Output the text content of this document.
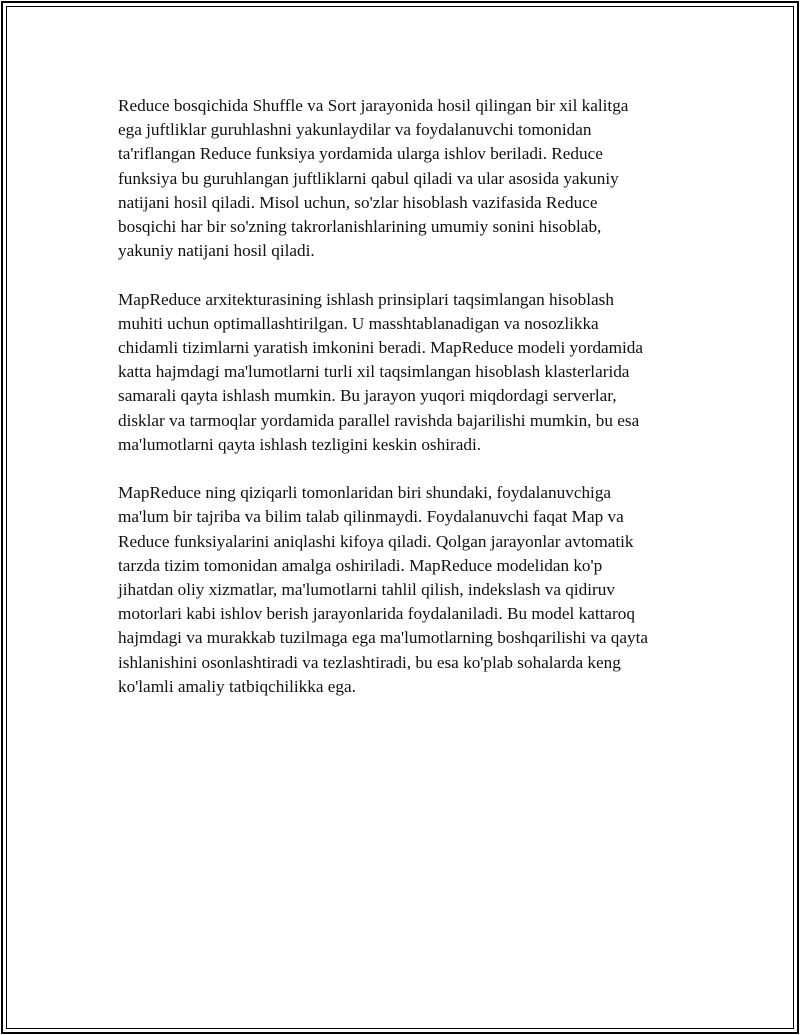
Reduce bosqichida Shuffle va Sort jarayonida hosil qilingan bir xil kalitga
ega juftliklar guruhlashni yakunlaydilar va foydalanuvchi tomonidan
ta'riflangan Reduce funksiya yordamida ularga ishlov beriladi. Reduce
funksiya bu guruhlangan juftliklarni qabul qiladi va ular asosida yakuniy
natijani hosil qiladi. Misol uchun, so'zlar hisoblash vazifasida Reduce
bosqichi har bir so'zning takrorlanishlarining umumiy sonini hisoblab,
yakuniy natijani hosil qiladi.

MapReduce arxitekturasining ishlash prinsiplari taqsimlangan hisoblash
muhiti uchun optimallashtirilgan. U masshtablanadigan va nosozlikka
chidamli tizimlarni yaratish imkonini beradi. MapReduce modeli yordamida
katta hajmdagi ma'lumotlarni turli xil taqsimlangan hisoblash klasterlarida
samarali qayta ishlash mumkin. Bu jarayon yuqori miqdordagi serverlar,
disklar va tarmoqlar yordamida parallel ravishda bajarilishi mumkin, bu esa
ma'lumotlarni qayta ishlash tezligini keskin oshiradi.

MapReduce ning qiziqarli tomonlaridan biri shundaki, foydalanuvchiga
ma'lum bir tajriba va bilim talab qilinmaydi. Foydalanuvchi faqat Map va
Reduce funksiyalarini aniqlashi kifoya qiladi. Qolgan jarayonlar avtomatik
tarzda tizim tomonidan amalga oshiriladi. MapReduce modelidan ko'p
jihatdan oliy xizmatlar, ma'lumotlarni tahlil qilish, indekslash va qidiruv
motorlari kabi ishlov berish jarayonlarida foydalaniladi. Bu model kattaroq
hajmdagi va murakkab tuzilmaga ega ma'lumotlarning boshqarilishi va qayta
ishlanishini osonlashtiradi va tezlashtiradi, bu esa ko'plab sohalarda keng
ko'lamli amaliy tatbiqchilikka ega.
